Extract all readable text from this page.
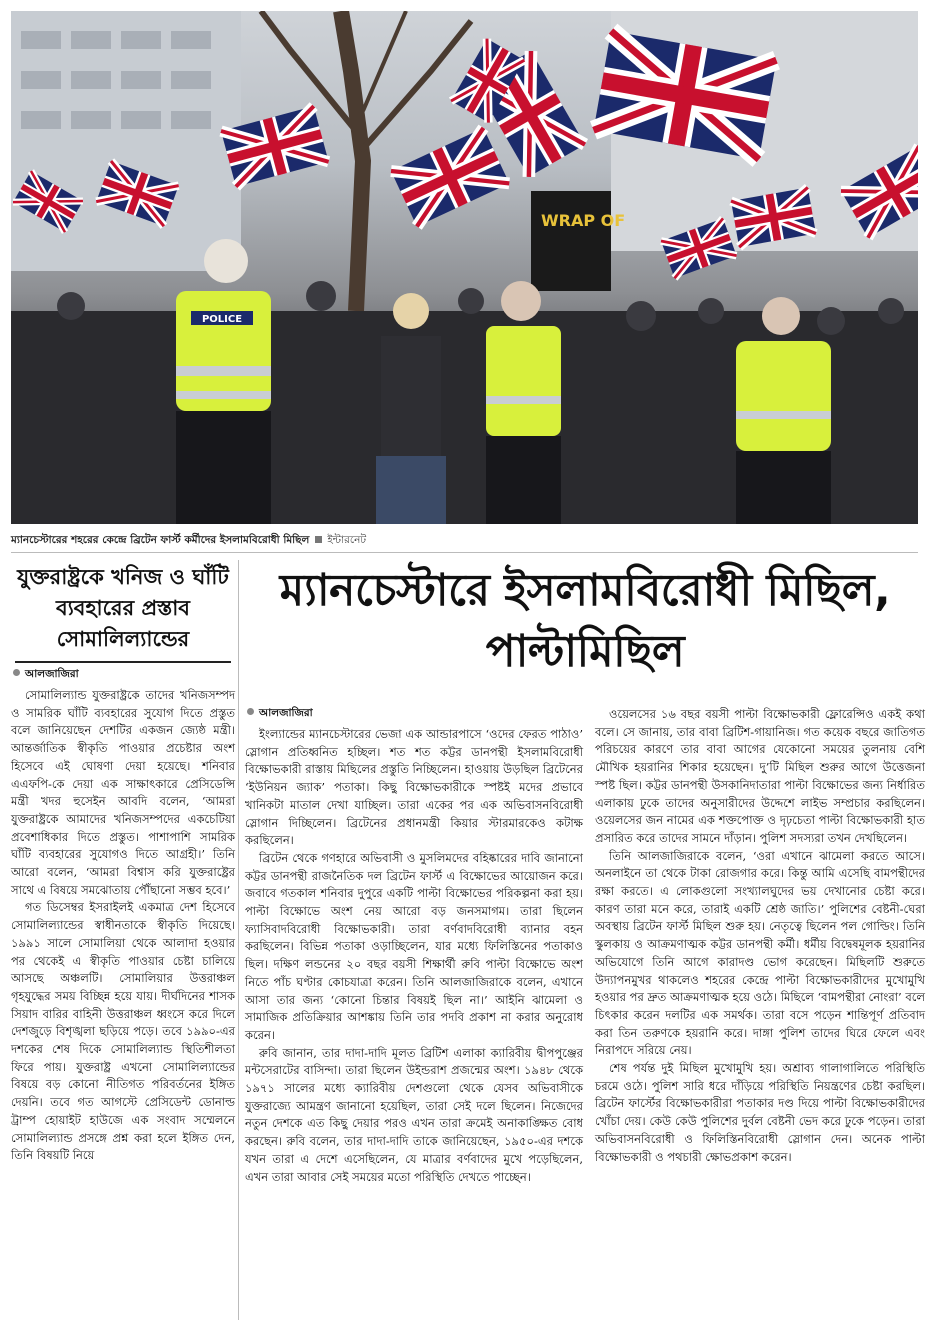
WRAP OF
POLICE
ম্যানচেস্টারের শহরের কেন্দ্রে ব্রিটেন ফার্স্ট কর্মীদের ইসলামবিরোধী মিছিল ইন্টারনেট
যুক্তরাষ্ট্রকে খনিজ ও ঘাঁটি ব্যবহারের প্রস্তাব সোমালিল্যান্ডের
আলজাজিরা

সোমালিল্যান্ড যুক্তরাষ্ট্রকে তাদের খনিজসম্পদ ও সামরিক ঘাঁটি ব্যবহারের সুযোগ দিতে প্রস্তুত বলে জানিয়েছেন দেশটির একজন জ্যেষ্ঠ মন্ত্রী। আন্তর্জাতিক স্বীকৃতি পাওয়ার প্রচেষ্টার অংশ হিসেবে এই ঘোষণা দেয়া হয়েছে। শনিবার এএফপি-কে দেয়া এক সাক্ষাৎকারে প্রেসিডেন্সি মন্ত্রী খদর হুসেইন আবদি বলেন, ‘আমরা যুক্তরাষ্ট্রকে আমাদের খনিজসম্পদের একচেটিয়া প্রবেশাধিকার দিতে প্রস্তুত। পাশাপাশি সামরিক ঘাঁটি ব্যবহারের সুযোগও দিতে আগ্রহী।’ তিনি আরো বলেন, ‘আমরা বিশ্বাস করি যুক্তরাষ্ট্রের সাথে এ বিষয়ে সমঝোতায় পৌঁছানো সম্ভব হবে।’

গত ডিসেম্বর ইসরাইলই একমাত্র দেশ হিসেবে সোমালিল্যান্ডের স্বাধীনতাকে স্বীকৃতি দিয়েছে। ১৯৯১ সালে সোমালিয়া থেকে আলাদা হওয়ার পর থেকেই এ স্বীকৃতি পাওয়ার চেষ্টা চালিয়ে আসছে অঞ্চলটি। সোমালিয়ার উত্তরাঞ্চল গৃহযুদ্ধের সময় বিচ্ছিন্ন হয়ে যায়। দীর্ঘদিনের শাসক সিয়াদ বারির বাহিনী উত্তরাঞ্চল ধ্বংসে করে দিলে দেশজুড়ে বিশৃঙ্খলা ছড়িয়ে পড়ে। তবে ১৯৯০-এর দশকের শেষ দিকে সোমালিল্যান্ড স্থিতিশীলতা ফিরে পায়। যুক্তরাষ্ট্র এখনো সোমালিল্যান্ডের বিষয়ে বড় কোনো নীতিগত পরিবর্তনের ইঙ্গিত দেয়নি। তবে গত আগস্টে প্রেসিডেন্ট ডোনাল্ড ট্রাম্প হোয়াইট হাউজে এক সংবাদ সম্মেলনে সোমালিল্যান্ড প্রসঙ্গে প্রশ্ন করা হলে ইঙ্গিত দেন, তিনি বিষয়টি নিয়ে

ম্যানচেস্টারে ইসলামবিরোধী মিছিল, পাল্টামিছিল
আলজাজিরা

ইংল্যান্ডের ম্যানচেস্টারের ভেজা এক আন্ডারপাসে ‘ওদের ফেরত পাঠাও’ স্লোগান প্রতিধ্বনিত হচ্ছিল। শত শত কট্টর ডানপন্থী ইসলামবিরোধী বিক্ষোভকারী রাস্তায় মিছিলের প্রস্তুতি নিচ্ছিলেন। হাওয়ায় উড়ছিল ব্রিটেনের ‘ইউনিয়ন জ্যাক’ পতাকা। কিছু বিক্ষোভকারীকে স্পষ্টই মদের প্রভাবে খানিকটা মাতাল দেখা যাচ্ছিল। তারা একের পর এক অভিবাসনবিরোধী স্লোগান দিচ্ছিলেন। ব্রিটেনের প্রধানমন্ত্রী কিয়ার স্টারমারকেও কটাক্ষ করছিলেন।

ব্রিটেন থেকে গণহারে অভিবাসী ও মুসলিমদের বহিষ্কারের দাবি জানানো কট্টর ডানপন্থী রাজনৈতিক দল ব্রিটেন ফার্স্ট এ বিক্ষোভের আয়োজন করে। জবাবে গতকাল শনিবার দুপুরে একটি পাল্টা বিক্ষোভের পরিকল্পনা করা হয়। পাল্টা বিক্ষোভে অংশ নেয় আরো বড় জনসমাগম। তারা ছিলেন ফ্যাসিবাদবিরোধী বিক্ষোভকারী। তারা বর্ণবাদবিরোধী ব্যানার বহন করছিলেন। বিভিন্ন পতাকা ওড়াচ্ছিলেন, যার মধ্যে ফিলিস্তিনের পতাকাও ছিল। দক্ষিণ লন্ডনের ২০ বছর বয়সী শিক্ষার্থী রুবি পাল্টা বিক্ষোভে অংশ নিতে পাঁচ ঘণ্টার কোচযাত্রা করেন। তিনি আলজাজিরাকে বলেন, এখানে আসা তার জন্য ‘কোনো চিন্তার বিষয়ই ছিল না।’ আইনি ঝামেলা ও সামাজিক প্রতিক্রিয়ার আশঙ্কায় তিনি তার পদবি প্রকাশ না করার অনুরোধ করেন।

রুবি জানান, তার দাদা-দাদি মূলত ব্রিটিশ এলাকা ক্যারিবীয় দ্বীপপুঞ্জের মন্টসেরাটের বাসিন্দা। তারা ছিলেন উইন্ডরাশ প্রজন্মের অংশ। ১৯৪৮ থেকে ১৯৭১ সালের মধ্যে ক্যারিবীয় দেশগুলো থেকে যেসব অভিবাসীকে যুক্তরাজ্যে আমন্ত্রণ জানানো হয়েছিল, তারা সেই দলে ছিলেন। নিজেদের নতুন দেশকে এত কিছু দেয়ার পরও এখন তারা ক্রমেই অনাকাঙ্ক্ষিত বোধ করছেন। রুবি বলেন, তার দাদা-দাদি তাকে জানিয়েছেন, ১৯৫০-এর দশকে যখন তারা এ দেশে এসেছিলেন, যে মাত্রার বর্ণবাদের মুখে পড়েছিলেন, এখন তারা আবার সেই সময়ের মতো পরিস্থিতি দেখতে পাচ্ছেন।

ওয়েলসের ১৬ বছর বয়সী পাল্টা বিক্ষোভকারী ফ্লোরেন্সিও একই কথা বলে। সে জানায়, তার বাবা ব্রিটিশ-গায়ানিজ। গত কয়েক বছরে জাতিগত পরিচয়ের কারণে তার বাবা আগের যেকোনো সময়ের তুলনায় বেশি মৌখিক হয়রানির শিকার হয়েছেন। দু’টি মিছিল শুরুর আগে উত্তেজনা স্পষ্ট ছিল। কট্টর ডানপন্থী উসকানিদাতারা পাল্টা বিক্ষোভের জন্য নির্ধারিত এলাকায় ঢুকে তাদের অনুসারীদের উদ্দেশে লাইভ সম্প্রচার করছিলেন। ওয়েলসের জন নামের এক শক্তপোক্ত ও দৃঢ়চেতা পাল্টা বিক্ষোভকারী হাত প্রসারিত করে তাদের সামনে দাঁড়ান। পুলিশ সদস্যরা তখন দেখছিলেন।

তিনি আলজাজিরাকে বলেন, ‘ওরা এখানে ঝামেলা করতে আসে। অনলাইনে তা থেকে টাকা রোজগার করে। কিন্তু আমি এসেছি বামপন্থীদের রক্ষা করতে। এ লোকগুলো সংখ্যালঘুদের ভয় দেখানোর চেষ্টা করে। কারণ তারা মনে করে, তারাই একটি শ্রেষ্ঠ জাতি।’ পুলিশের বেষ্টনী-ঘেরা অবস্থায় ব্রিটেন ফার্স্ট মিছিল শুরু হয়। নেতৃত্বে ছিলেন পল গোল্ডিং। তিনি স্কুলকায় ও আক্রমণাত্মক কট্টর ডানপন্থী কর্মী। ধর্মীয় বিদ্বেষমূলক হয়রানির অভিযোগে তিনি আগে কারাদণ্ড ভোগ করেছেন। মিছিলটি শুরুতে উদ্যাপনমুখর থাকলেও শহরের কেন্দ্রে পাল্টা বিক্ষোভকারীদের মুখোমুখি হওয়ার পর দ্রুত আক্রমণাত্মক হয়ে ওঠে। মিছিলে ‘বামপন্থীরা নোংরা’ বলে চিৎকার করেন দলটির এক সমর্থক। তারা বসে পড়েন শান্তিপূর্ণ প্রতিবাদ করা তিন তরুণকে হয়রানি করে। দাঙ্গা পুলিশ তাদের ঘিরে ফেলে এবং নিরাপদে সরিয়ে নেয়।

শেষ পর্যন্ত দুই মিছিল মুখোমুখি হয়। অশ্রাব্য গালাগালিতে পরিস্থিতি চরমে ওঠে। পুলিশ সারি ধরে দাঁড়িয়ে পরিস্থিতি নিয়ন্ত্রণের চেষ্টা করছিল। ব্রিটেন ফার্স্টের বিক্ষোভকারীরা পতাকার দণ্ড দিয়ে পাল্টা বিক্ষোভকারীদের খোঁচা দেয়। কেউ কেউ পুলিশের দুর্বল বেষ্টনী ভেদ করে ঢুকে পড়েন। তারা অভিবাসনবিরোধী ও ফিলিস্তিনবিরোধী স্লোগান দেন। অনেক পাল্টা বিক্ষোভকারী ও পথচারী ক্ষোভপ্রকাশ করেন।
